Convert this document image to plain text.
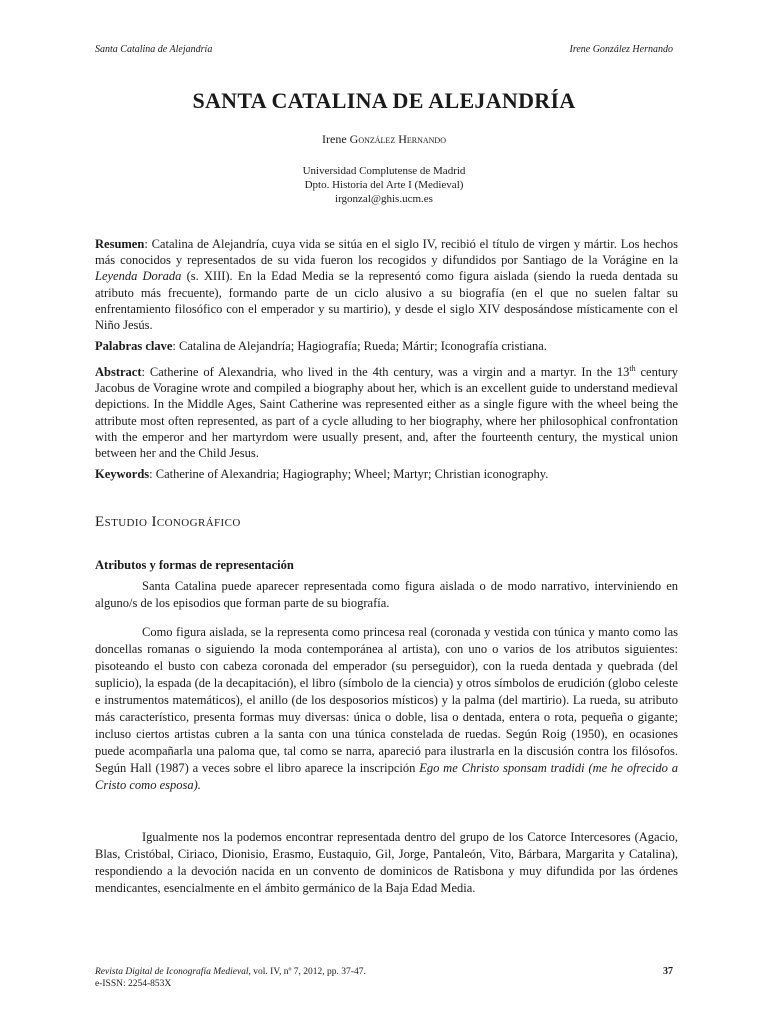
Santa Catalina de Alejandría	Irene González Hernando
SANTA CATALINA DE ALEJANDRÍA
Irene González Hernando
Universidad Complutense de Madrid
Dpto. Historia del Arte I (Medieval)
irgonzal@ghis.ucm.es
Resumen: Catalina de Alejandría, cuya vida se sitúa en el siglo IV, recibió el título de virgen y mártir. Los hechos más conocidos y representados de su vida fueron los recogidos y difundidos por Santiago de la Vorágine en la Leyenda Dorada (s. XIII). En la Edad Media se la representó como figura aislada (siendo la rueda dentada su atributo más frecuente), formando parte de un ciclo alusivo a su biografía (en el que no suelen faltar su enfrentamiento filosófico con el emperador y su martirio), y desde el siglo XIV desposándose místicamente con el Niño Jesús.
Palabras clave: Catalina de Alejandría; Hagiografía; Rueda; Mártir; Iconografía cristiana.
Abstract: Catherine of Alexandria, who lived in the 4th century, was a virgin and a martyr. In the 13th century Jacobus de Voragine wrote and compiled a biography about her, which is an excellent guide to understand medieval depictions. In the Middle Ages, Saint Catherine was represented either as a single figure with the wheel being the attribute most often represented, as part of a cycle alluding to her biography, where her philosophical confrontation with the emperor and her martyrdom were usually present, and, after the fourteenth century, the mystical union between her and the Child Jesus.
Keywords: Catherine of Alexandria; Hagiography; Wheel; Martyr; Christian iconography.
Estudio Iconográfico
Atributos y formas de representación

Santa Catalina puede aparecer representada como figura aislada o de modo narrativo, interviniendo en alguno/s de los episodios que forman parte de su biografía.

Como figura aislada, se la representa como princesa real (coronada y vestida con túnica y manto como las doncellas romanas o siguiendo la moda contemporánea al artista), con uno o varios de los atributos siguientes: pisoteando el busto con cabeza coronada del emperador (su perseguidor), con la rueda dentada y quebrada (del suplicio), la espada (de la decapitación), el libro (símbolo de la ciencia) y otros símbolos de erudición (globo celeste e instrumentos matemáticos), el anillo (de los desposorios místicos) y la palma (del martirio). La rueda, su atributo más característico, presenta formas muy diversas: única o doble, lisa o dentada, entera o rota, pequeña o gigante; incluso ciertos artistas cubren a la santa con una túnica constelada de ruedas. Según Roig (1950), en ocasiones puede acompañarla una paloma que, tal como se narra, apareció para ilustrarla en la discusión contra los filósofos. Según Hall (1987) a veces sobre el libro aparece la inscripción Ego me Christo sponsam tradidi (me he ofrecido a Cristo como esposa).

Igualmente nos la podemos encontrar representada dentro del grupo de los Catorce Intercesores (Agacio, Blas, Cristóbal, Ciriaco, Dionisio, Erasmo, Eustaquio, Gil, Jorge, Pantaleón, Vito, Bárbara, Margarita y Catalina), respondiendo a la devoción nacida en un convento de dominicos de Ratisbona y muy difundida por las órdenes mendicantes, esencialmente en el ámbito germánico de la Baja Edad Media.

Revista Digital de Iconografía Medieval, vol. IV, nº 7, 2012, pp. 37-47.
e-ISSN: 2254-853X
37
